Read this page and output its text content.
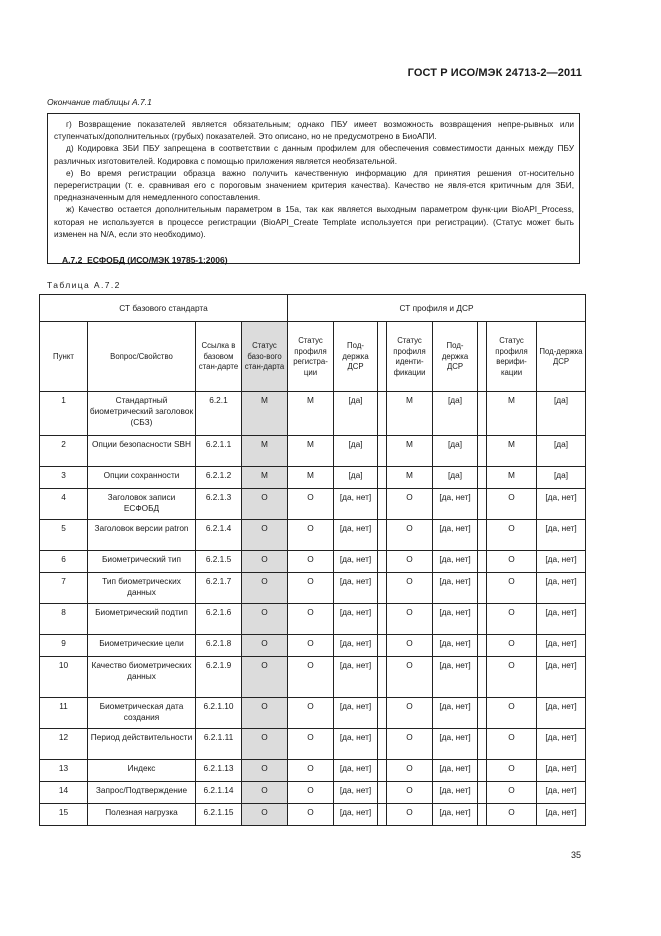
ГОСТ Р ИСО/МЭК 24713-2—2011
Окончание таблицы А.7.1

г) Возвращение показателей является обязательным; однако ПБУ имеет возможность возвращения непре-рывных или ступенчатых/дополнительных (грубых) показателей. Это описано, но не предусмотрено в БиоАПИ.

д) Кодировка ЗБИ ПБУ запрещена в соответствии с данным профилем для обеспечения совместимости данных между ПБУ различных изготовителей. Кодировка с помощью приложения является необязательной.

е) Во время регистрации образца важно получить качественную информацию для принятия решения от-носительно перерегистрации (т. е. сравнивая его с пороговым значением критерия качества). Качество не явля-ется критичным для ЗБИ, предназначенным для немедленного сопоставления.

ж) Качество остается дополнительным параметром в 15а, так как является выходным параметром функ-ции BioAPI_Process, которая не используется в процессе регистрации (BioAPI_Create Template используется при регистрации). (Статус может быть изменен на N/A, если это необходимо).

А.7.2 ЕСФОБД (ИСО/МЭК 19785-1:2006)
Таблица А.7.2
СТ базового стандарта				СТ профиля и ДСР							
Пункт	Вопрос/Свойство	Ссылка в базовом стан-дарте	Статус базо-вого стан-дарта	Статус профиля регистра-ции	Под-держка ДСР		Статус профиля иденти-фикации	Под-держка ДСР		Статус профиля верифи-кации	Под-держка ДСР
1	Стандартный биометрический заголовок (СБЗ)	6.2.1	M	M	[да]		M	[да]		M	[да]
2	Опции безопасности SBH	6.2.1.1	M	M	[да]		M	[да]		M	[да]
3	Опции сохранности	6.2.1.2	M	M	[да]		M	[да]		M	[да]
4	Заголовок записи ЕСФОБД	6.2.1.3	O	O	[да, нет]		O	[да, нет]		O	[да, нет]
5	Заголовок версии patron	6.2.1.4	O	O	[да, нет]		O	[да, нет]		O	[да, нет]
6	Биометрический тип	6.2.1.5	O	O	[да, нет]		O	[да, нет]		O	[да, нет]
7	Тип биометрических данных	6.2.1.7	O	O	[да, нет]		O	[да, нет]		O	[да, нет]
8	Биометрический подтип	6.2.1.6	O	O	[да, нет]		O	[да, нет]		O	[да, нет]
9	Биометрические цели	6.2.1.8	O	O	[да, нет]		O	[да, нет]		O	[да, нет]
10	Качество биометрических данных	6.2.1.9	O	O	[да, нет]		O	[да, нет]		O	[да, нет]
11	Биометрическая дата создания	6.2.1.10	O	O	[да, нет]		O	[да, нет]		O	[да, нет]
12	Период действительности	6.2.1.11	O	O	[да, нет]		O	[да, нет]		O	[да, нет]
13	Индекс	6.2.1.13	O	O	[да, нет]		O	[да, нет]		O	[да, нет]
14	Запрос/Подтверждение	6.2.1.14	O	O	[да, нет]		O	[да, нет]		O	[да, нет]
15	Полезная нагрузка	6.2.1.15	O	O	[да, нет]		O	[да, нет]		O	[да, нет]
35
